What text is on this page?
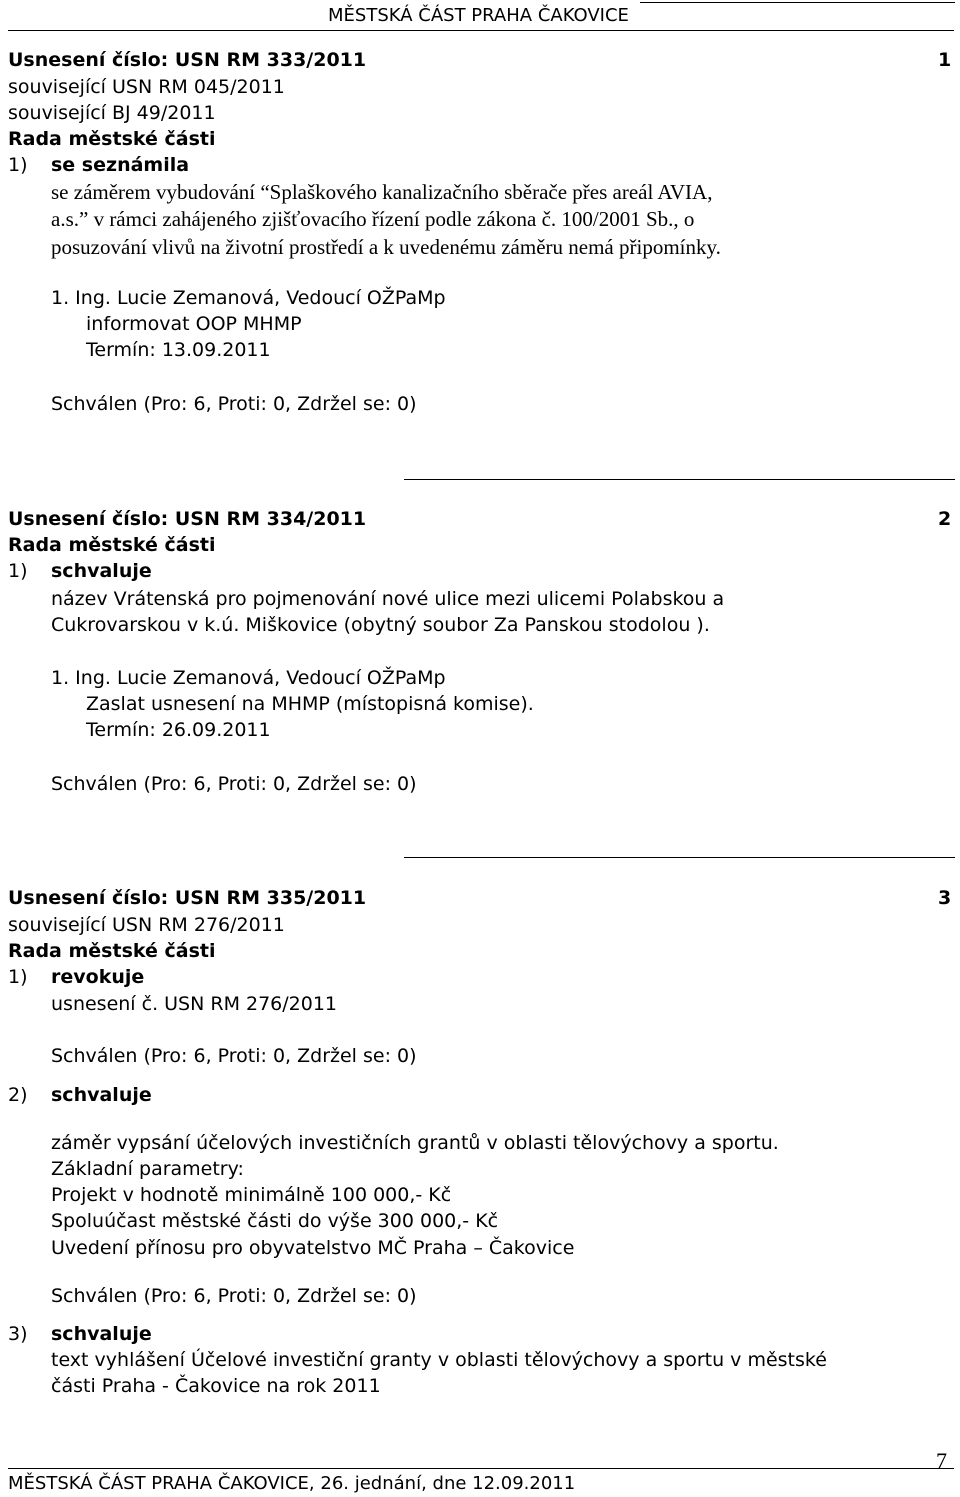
MĚSTSKÁ ČÁST PRAHA ČAKOVICE
Usnesení číslo: USN RM 333/2011	1
související USN RM 045/2011
související BJ 49/2011
Rada městské části
1) se seznámila
se záměrem vybudování “Splaškového kanalizačního sběrače přes areál AVIA,
a.s.” v rámci zahájeného zjišťovacího řízení podle zákona č. 100/2001 Sb., o
posuzování vlivů na životní prostředí a k uvedenému záměru nemá připomínky.
1. Ing. Lucie Zemanová, Vedoucí OŽPaMp
informovat OOP MHMP
Termín: 13.09.2011
Schválen (Pro: 6, Proti: 0, Zdržel se: 0)
Usnesení číslo: USN RM 334/2011	2
Rada městské části
1) schvaluje
název Vrátenská pro pojmenování nové ulice mezi ulicemi Polabskou a
Cukrovarskou v k.ú. Miškovice (obytný soubor Za Panskou stodolou ).
1. Ing. Lucie Zemanová, Vedoucí OŽPaMp
Zaslat usnesení na MHMP (místopisná komise).
Termín: 26.09.2011
Schválen (Pro: 6, Proti: 0, Zdržel se: 0)
Usnesení číslo: USN RM 335/2011	3
související USN RM 276/2011
Rada městské části
1) revokuje
usnesení č. USN RM 276/2011
Schválen (Pro: 6, Proti: 0, Zdržel se: 0)
2) schvaluje
záměr vypsání účelových investičních grantů v oblasti tělovýchovy a sportu.
Základní parametry:
Projekt v hodnotě minimálně 100 000,- Kč
Spoluúčast městské části do výše 300 000,- Kč
Uvedení přínosu pro obyvatelstvo MČ Praha – Čakovice
Schválen (Pro: 6, Proti: 0, Zdržel se: 0)
3) schvaluje
text vyhlášení Účelové investiční granty v oblasti tělovýchovy a sportu v městské
části Praha - Čakovice na rok 2011
7
MĚSTSKÁ ČÁST PRAHA ČAKOVICE, 26. jednání, dne 12.09.2011
